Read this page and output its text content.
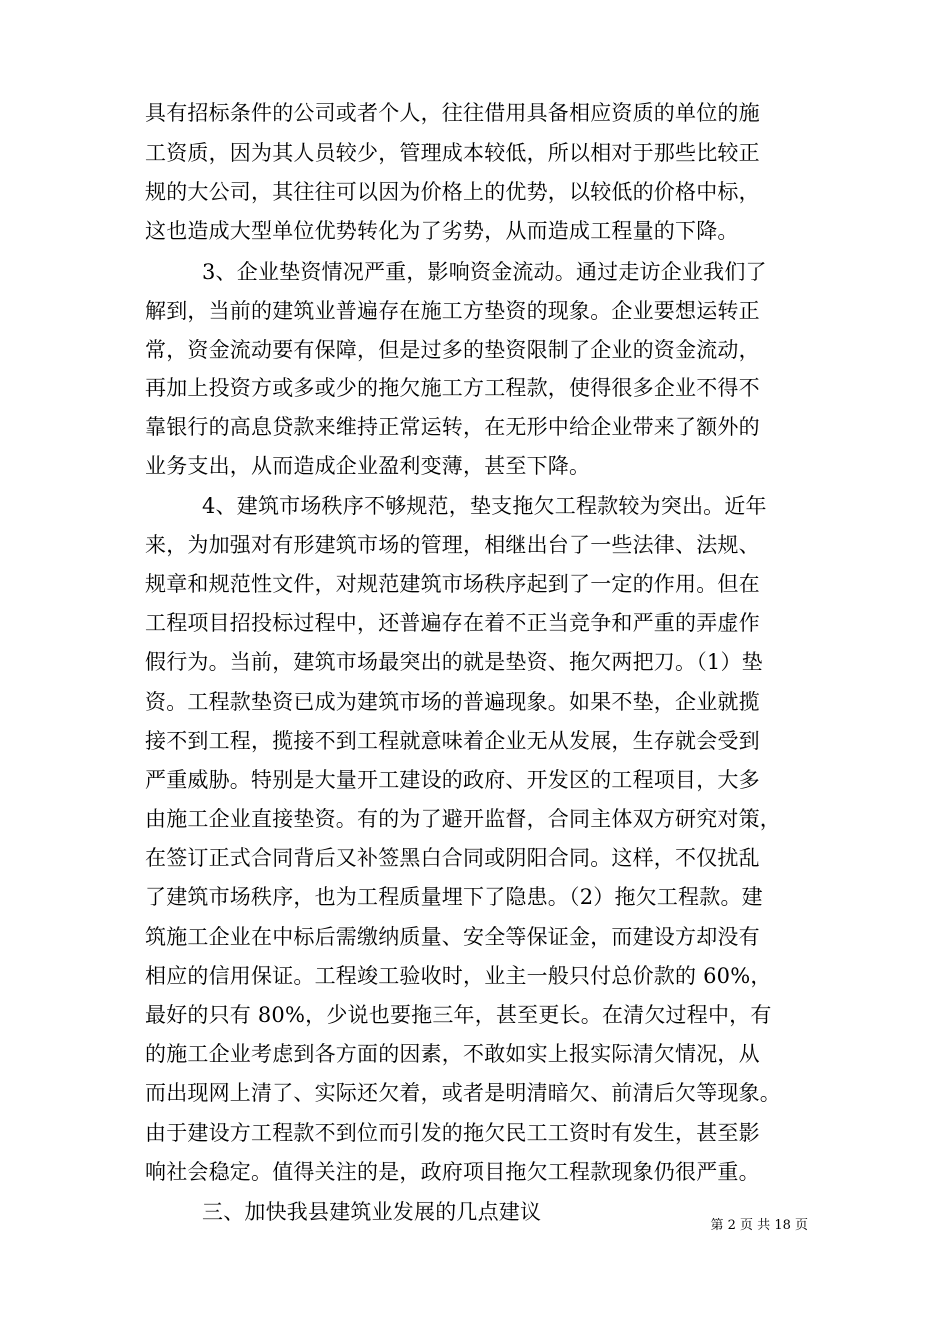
具有招标条件的公司或者个人，往往借用具备相应资质的单位的施
工资质，因为其人员较少，管理成本较低，所以相对于那些比较正
规的大公司，其往往可以因为价格上的优势，以较低的价格中标，
这也造成大型单位优势转化为了劣势，从而造成工程量的下降。
3、企业垫资情况严重，影响资金流动。通过走访企业我们了
解到，当前的建筑业普遍存在施工方垫资的现象。企业要想运转正
常，资金流动要有保障，但是过多的垫资限制了企业的资金流动，
再加上投资方或多或少的拖欠施工方工程款，使得很多企业不得不
靠银行的高息贷款来维持正常运转，在无形中给企业带来了额外的
业务支出，从而造成企业盈利变薄，甚至下降。
4、建筑市场秩序不够规范，垫支拖欠工程款较为突出。近年
来，为加强对有形建筑市场的管理，相继出台了一些法律、法规、
规章和规范性文件，对规范建筑市场秩序起到了一定的作用。但在
工程项目招投标过程中，还普遍存在着不正当竞争和严重的弄虚作
假行为。当前，建筑市场最突出的就是垫资、拖欠两把刀。（1）垫
资。工程款垫资已成为建筑市场的普遍现象。如果不垫，企业就揽
接不到工程，揽接不到工程就意味着企业无从发展，生存就会受到
严重威胁。特别是大量开工建设的政府、开发区的工程项目，大多
由施工企业直接垫资。有的为了避开监督，合同主体双方研究对策，
在签订正式合同背后又补签黑白合同或阴阳合同。这样，不仅扰乱
了建筑市场秩序，也为工程质量埋下了隐患。（2）拖欠工程款。建
筑施工企业在中标后需缴纳质量、安全等保证金，而建设方却没有
相应的信用保证。工程竣工验收时，业主一般只付总价款的 60%，
最好的只有 80%，少说也要拖三年，甚至更长。在清欠过程中，有
的施工企业考虑到各方面的因素，不敢如实上报实际清欠情况，从
而出现网上清了、实际还欠着，或者是明清暗欠、前清后欠等现象。
由于建设方工程款不到位而引发的拖欠民工工资时有发生，甚至影
响社会稳定。值得关注的是，政府项目拖欠工程款现象仍很严重。
三、加快我县建筑业发展的几点建议
第 2 页 共 18 页
